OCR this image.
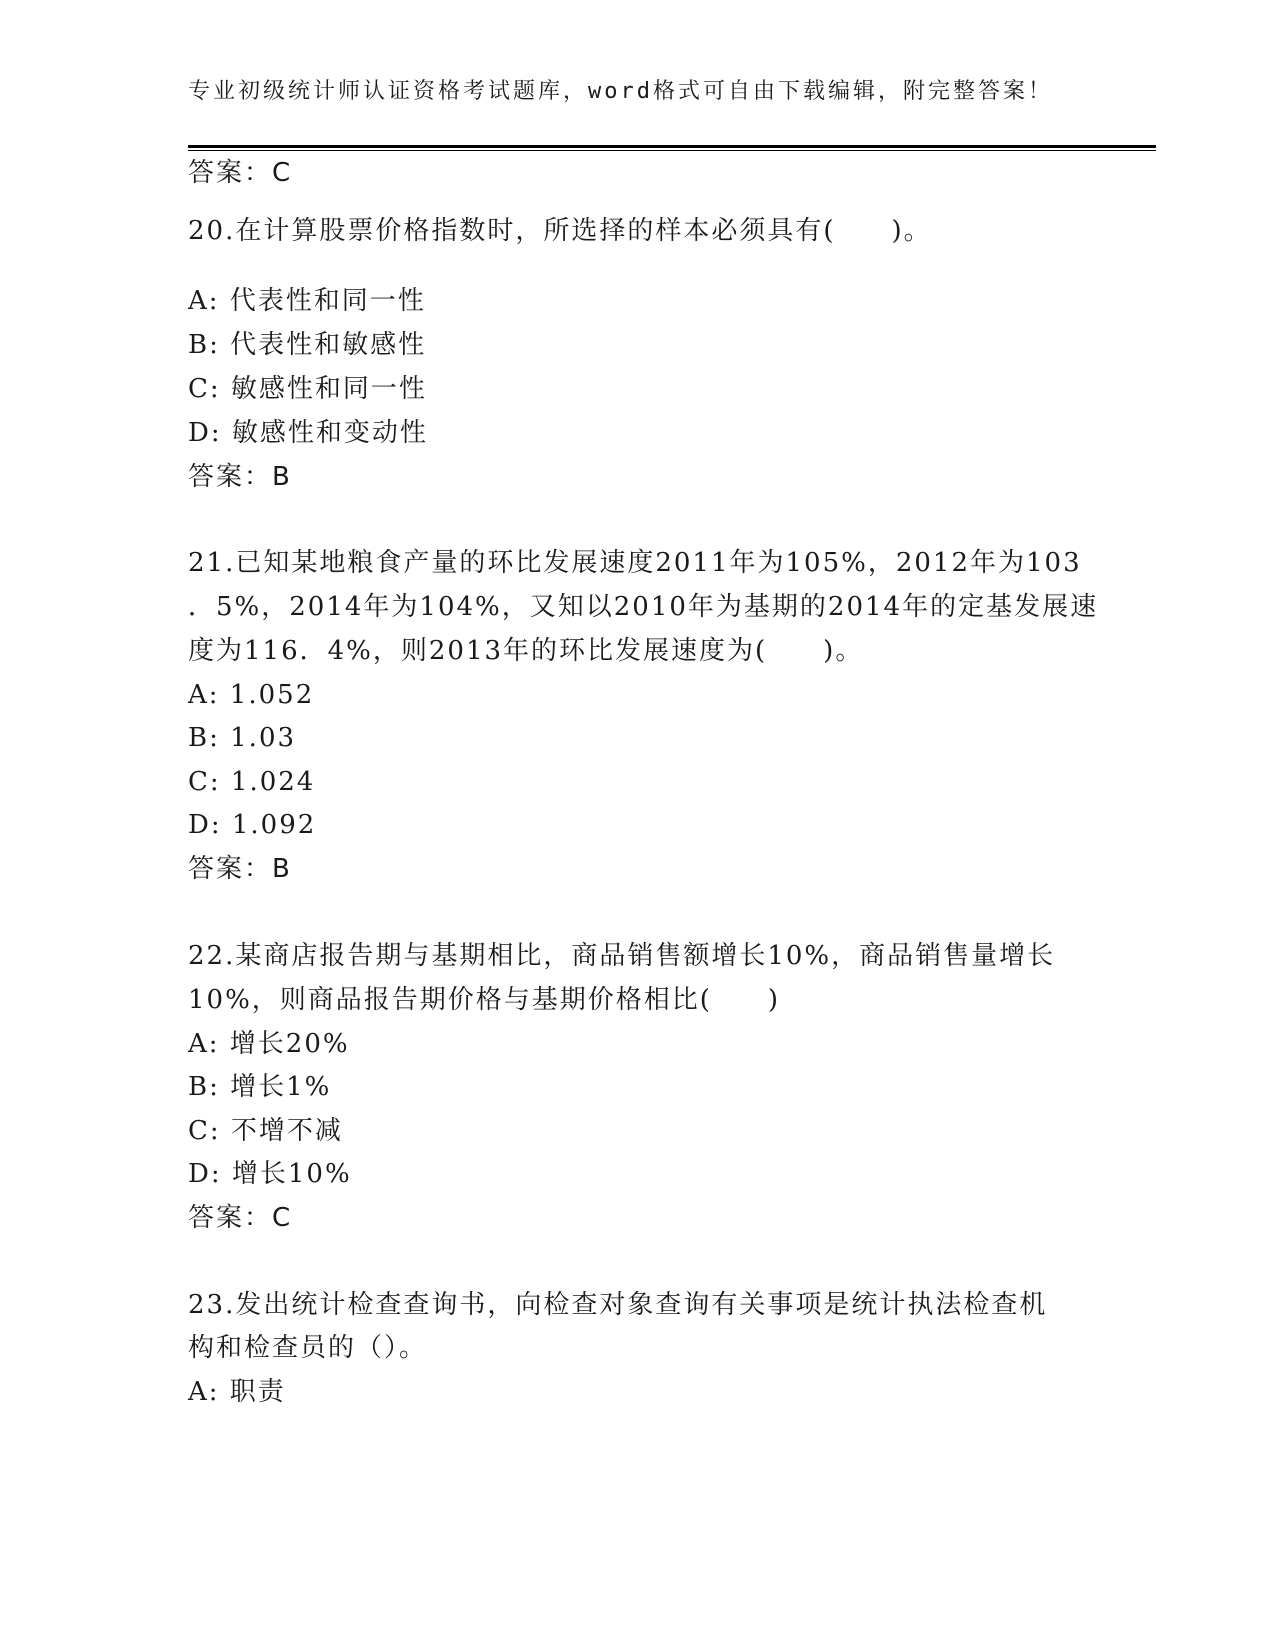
专业初级统计师认证资格考试题库，word格式可自由下载编辑，附完整答案！
答案：C
20.在计算股票价格指数时，所选择的样本必须具有(　　)。
A: 代表性和同一性
B: 代表性和敏感性
C: 敏感性和同一性
D: 敏感性和变动性
答案：B
21.已知某地粮食产量的环比发展速度2011年为105%，2012年为103
．5%，2014年为104%，又知以2010年为基期的2014年的定基发展速
度为116．4%，则2013年的环比发展速度为(　　)。
A: 1.052
B: 1.03
C: 1.024
D: 1.092
答案：B
22.某商店报告期与基期相比，商品销售额增长10%，商品销售量增长
10%，则商品报告期价格与基期价格相比(　　)
A: 增长20%
B: 增长1%
C: 不增不减
D: 增长10%
答案：C
23.发出统计检查查询书，向检查对象查询有关事项是统计执法检查机
构和检查员的（）。
A: 职责
